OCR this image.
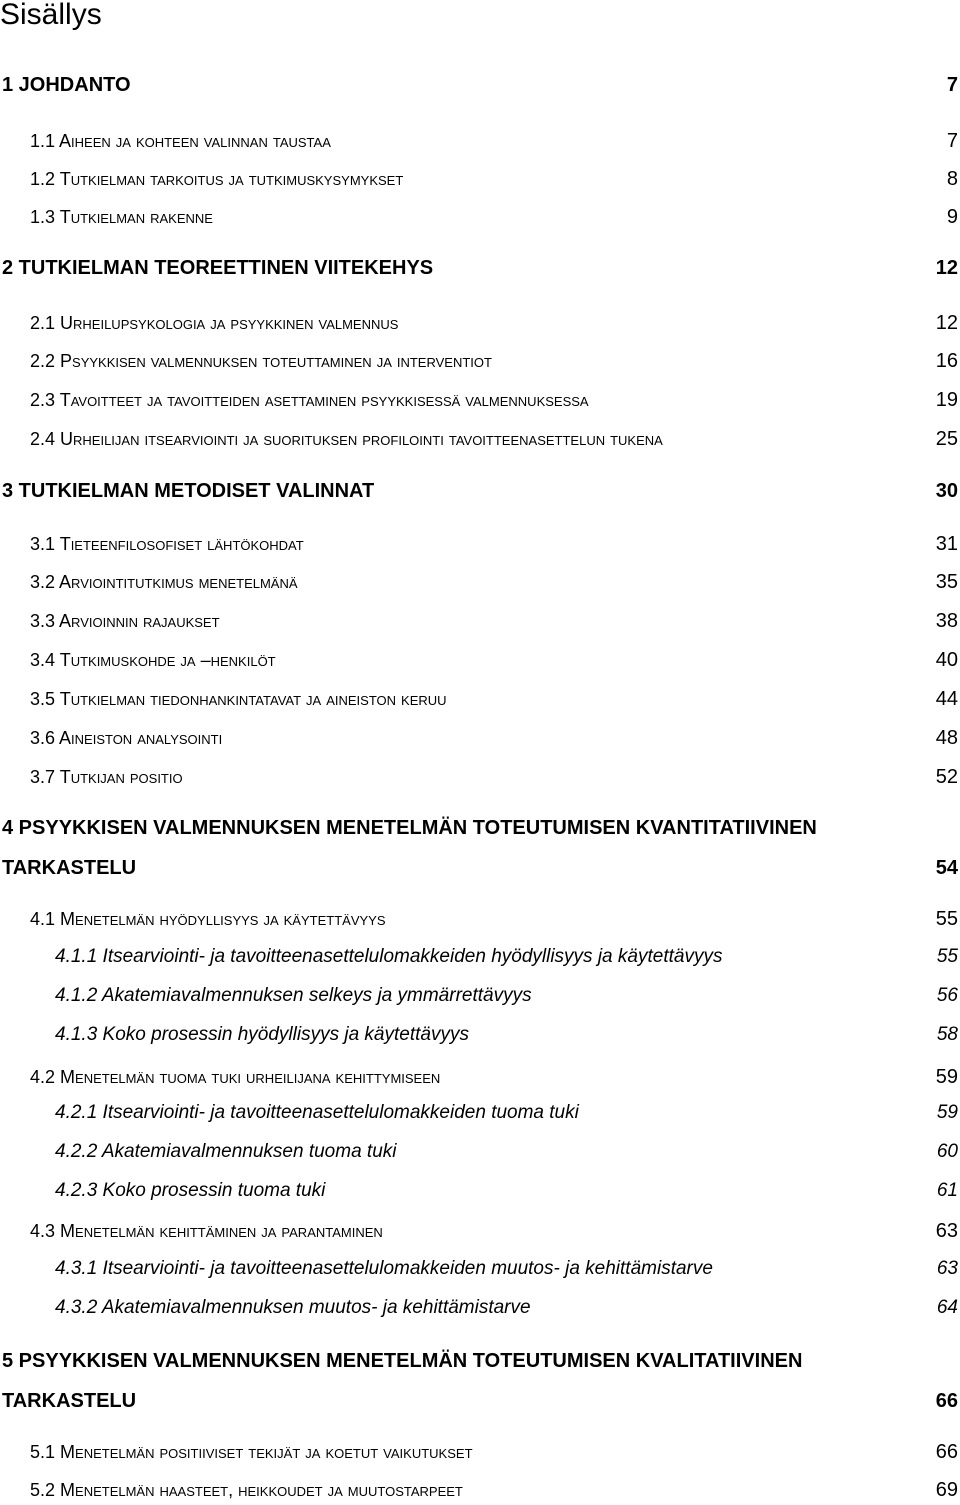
Sisällys
1 JOHDANTO	7
1.1 Aiheen ja kohteen valinnan taustaa	7
1.2 Tutkielman tarkoitus ja tutkimuskysymykset	8
1.3 Tutkielman rakenne	9
2 TUTKIELMAN TEOREETTINEN VIITEKEHYS	12
2.1 Urheilupsykologia ja psyykkinen valmennus	12
2.2 Psyykkisen valmennuksen toteuttaminen ja interventiot	16
2.3 Tavoitteet ja tavoitteiden asettaminen psyykkisessä valmennuksessa	19
2.4 Urheilijan itsearviointi ja suorituksen profilointi tavoitteenasettelun tukena	25
3 TUTKIELMAN METODISET VALINNAT	30
3.1 Tieteenfilosofiset lähtökohdat	31
3.2 Arviointitutkimus menetelmänä	35
3.3 Arvioinnin rajaukset	38
3.4 Tutkimuskohde ja –henkilöt	40
3.5 Tutkielman tiedonhankintatavat ja aineiston keruu	44
3.6 Aineiston analysointi	48
3.7 Tutkijan positio	52
4 PSYYKKISEN VALMENNUKSEN MENETELMÄN TOTEUTUMISEN KVANTITATIIVINEN
TARKASTELU	54
4.1 Menetelmän hyödyllisyys ja käytettävyys	55
4.1.1 Itsearviointi- ja tavoitteenasettelulomakkeiden hyödyllisyys ja käytettävyys	55
4.1.2 Akatemiavalmennuksen selkeys ja ymmärrettävyys	56
4.1.3 Koko prosessin hyödyllisyys ja käytettävyys	58
4.2 Menetelmän tuoma tuki urheilijana kehittymiseen	59
4.2.1 Itsearviointi- ja tavoitteenasettelulomakkeiden tuoma tuki	59
4.2.2 Akatemiavalmennuksen tuoma tuki	60
4.2.3 Koko prosessin tuoma tuki	61
4.3 Menetelmän kehittäminen ja parantaminen	63
4.3.1 Itsearviointi- ja tavoitteenasettelulomakkeiden muutos- ja kehittämistarve	63
4.3.2 Akatemiavalmennuksen muutos- ja kehittämistarve	64
5 PSYYKKISEN VALMENNUKSEN MENETELMÄN TOTEUTUMISEN KVALITATIIVINEN
TARKASTELU	66
5.1 Menetelmän positiiviset tekijät ja koetut vaikutukset	66
5.2 Menetelmän haasteet, heikkoudet ja muutostarpeet	69
